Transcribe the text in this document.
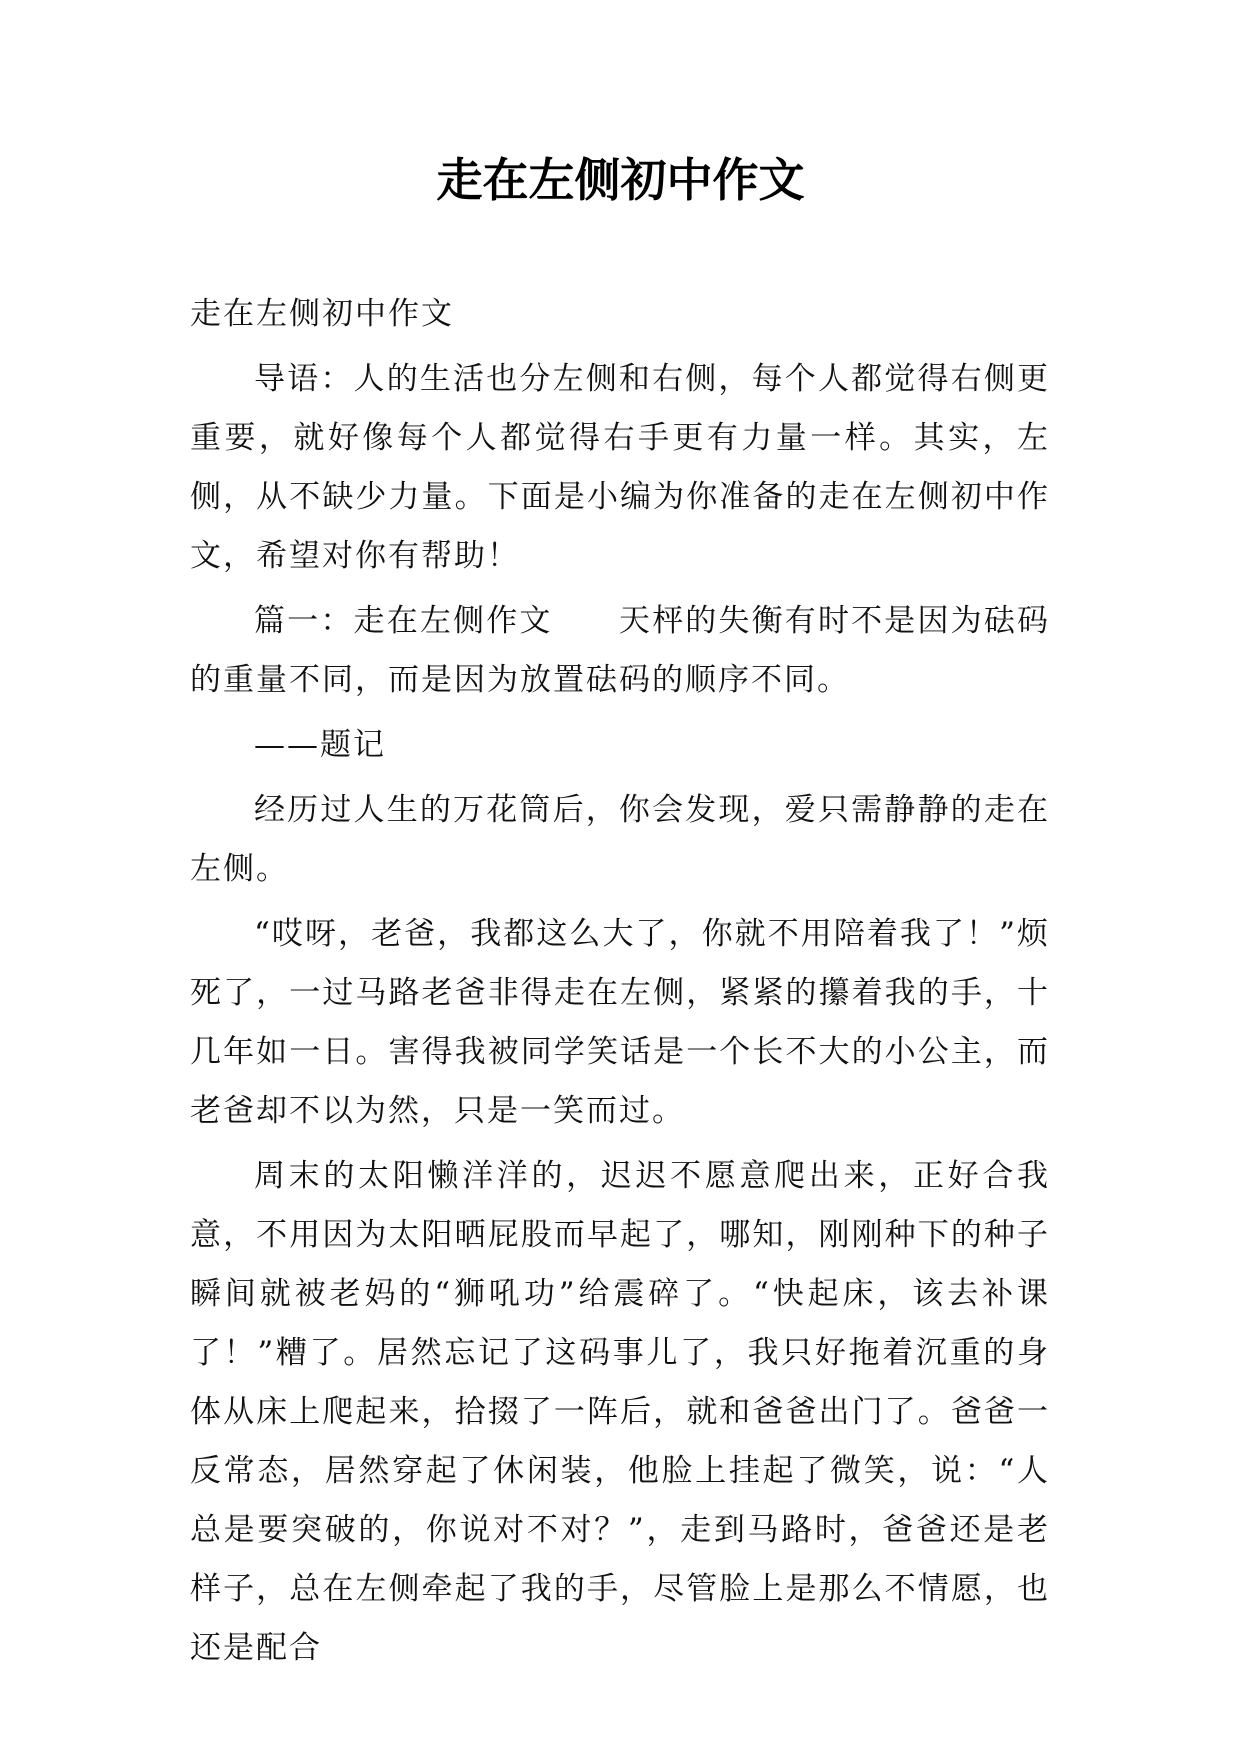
走在左侧初中作文

走在左侧初中作文

导语：人的生活也分左侧和右侧，每个人都觉得右侧更重要，就好像每个人都觉得右手更有力量一样。其实，左侧，从不缺少力量。下面是小编为你准备的走在左侧初中作文，希望对你有帮助！

篇一：走在左侧作文　　天枰的失衡有时不是因为砝码的重量不同，而是因为放置砝码的顺序不同。

——题记

经历过人生的万花筒后，你会发现，爱只需静静的走在左侧。

“哎呀，老爸，我都这么大了，你就不用陪着我了！”烦死了，一过马路老爸非得走在左侧，紧紧的攥着我的手，十几年如一日。害得我被同学笑话是一个长不大的小公主，而老爸却不以为然，只是一笑而过。

周末的太阳懒洋洋的，迟迟不愿意爬出来，正好合我意，不用因为太阳晒屁股而早起了，哪知，刚刚种下的种子瞬间就被老妈的“狮吼功”给震碎了。“快起床，该去补课了！”糟了。居然忘记了这码事儿了，我只好拖着沉重的身体从床上爬起来，拾掇了一阵后，就和爸爸出门了。爸爸一反常态，居然穿起了休闲装，他脸上挂起了微笑，说：“人总是要突破的，你说对不对？”，走到马路时，爸爸还是老样子，总在左侧牵起了我的手，尽管脸上是那么不情愿，也还是配合
